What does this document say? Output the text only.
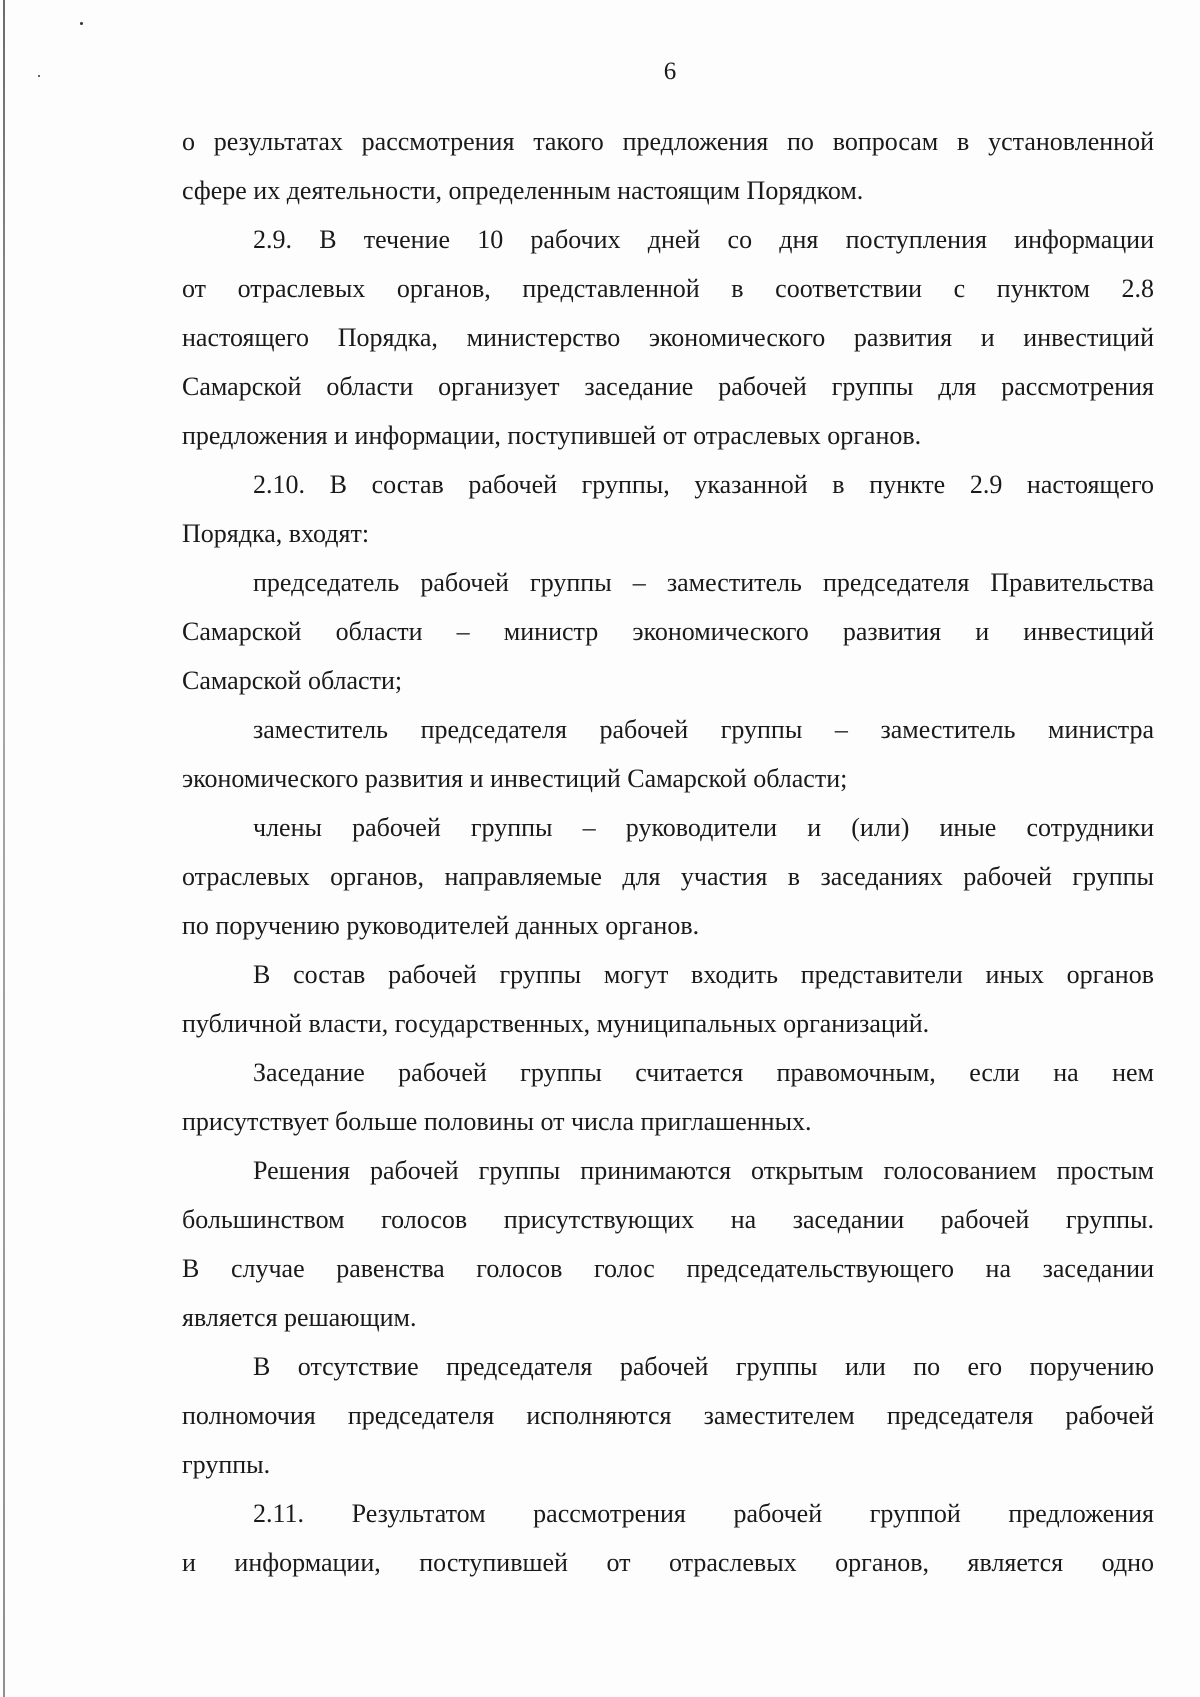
6

о результатах рассмотрения такого предложения по вопросам в установленной
сфере их деятельности, определенным настоящим Порядком.

2.9. В течение 10 рабочих дней со дня поступления информации
от отраслевых органов, представленной в соответствии с пунктом 2.8
настоящего Порядка, министерство экономического развития и инвестиций
Самарской области организует заседание рабочей группы для рассмотрения
предложения и информации, поступившей от отраслевых органов.

2.10. В состав рабочей группы, указанной в пункте 2.9 настоящего
Порядка, входят:

председатель рабочей группы – заместитель председателя Правительства
Самарской области – министр экономического развития и инвестиций
Самарской области;

заместитель председателя рабочей группы – заместитель министра
экономического развития и инвестиций Самарской области;

члены рабочей группы – руководители и (или) иные сотрудники
отраслевых органов, направляемые для участия в заседаниях рабочей группы
по поручению руководителей данных органов.

В состав рабочей группы могут входить представители иных органов
публичной власти, государственных, муниципальных организаций.

Заседание рабочей группы считается правомочным, если на нем
присутствует больше половины от числа приглашенных.

Решения рабочей группы принимаются открытым голосованием простым
большинством голосов присутствующих на заседании рабочей группы.
В случае равенства голосов голос председательствующего на заседании
является решающим.

В отсутствие председателя рабочей группы или по его поручению
полномочия председателя исполняются заместителем председателя рабочей
группы.

2.11. Результатом рассмотрения рабочей группой предложения
и информации, поступившей от отраслевых органов, является одно
